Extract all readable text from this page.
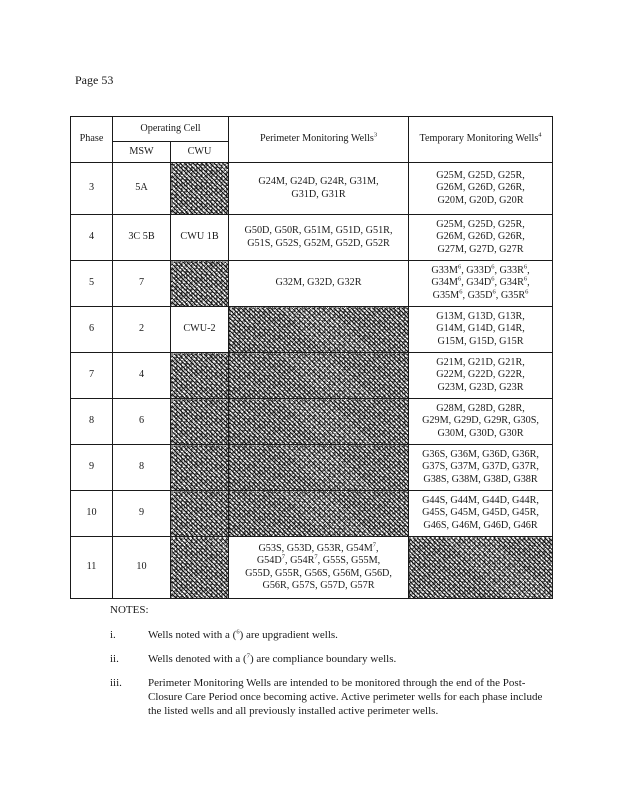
Page 53
Phase	Operating Cell		Perimeter Monitoring Wells$^3$	Temporary Monitoring Wells$^4$
	MSW	CWU		
3	5A		G24M, G24D, G24R, G31M,
G31D, G31R	G25M, G25D, G25R,
G26M, G26D, G26R,
G20M, G20D, G20R
4	3C 5B	CWU 1B	G50D, G50R, G51M, G51D, G51R,
G51S, G52S, G52M, G52D, G52R	G25M, G25D, G25R,
G26M, G26D, G26R,
G27M, G27D, G27R
5	7		G32M, G32D, G32R	$G33M^6$, $G33D^6$, $G33R^6$,
$G34M^6$, $G34D^6$, $G34R^6$,
$G35M^6$, $G35D^6$, $G35R^6$
6	2	CWU-2		G13M, G13D, G13R,
G14M, G14D, G14R,
G15M, G15D, G15R
7	4			G21M, G21D, G21R,
G22M, G22D, G22R,
G23M, G23D, G23R
8	6			G28M, G28D, G28R,
G29M, G29D, G29R, G30S,
G30M, G30D, G30R
9	8			G36S, G36M, G36D, G36R,
G37S, G37M, G37D, G37R,
G38S, G38M, G38D, G38R
10	9			G44S, G44M, G44D, G44R,
G45S, G45M, G45D, G45R,
G46S, G46M, G46D, G46R
11	10		G53S, G53D, G53R, $G54M^7$,
$G54D^7$, $G54R^7$, G55S, G55M,
G55D, G55R, G56S, G56M, G56D,
G56R, G57S, G57D, G57R	
NOTES:
i.	Wells noted with a ($^6$) are upgradient wells.
ii.	Wells denoted with a ($^7$) are compliance boundary wells.
iii. Perimeter Monitoring Wells are intended to be monitored through the end of the Post-Closure Care Period once becoming active. Active perimeter wells for each phase include the listed wells and all previously installed active perimeter wells.
